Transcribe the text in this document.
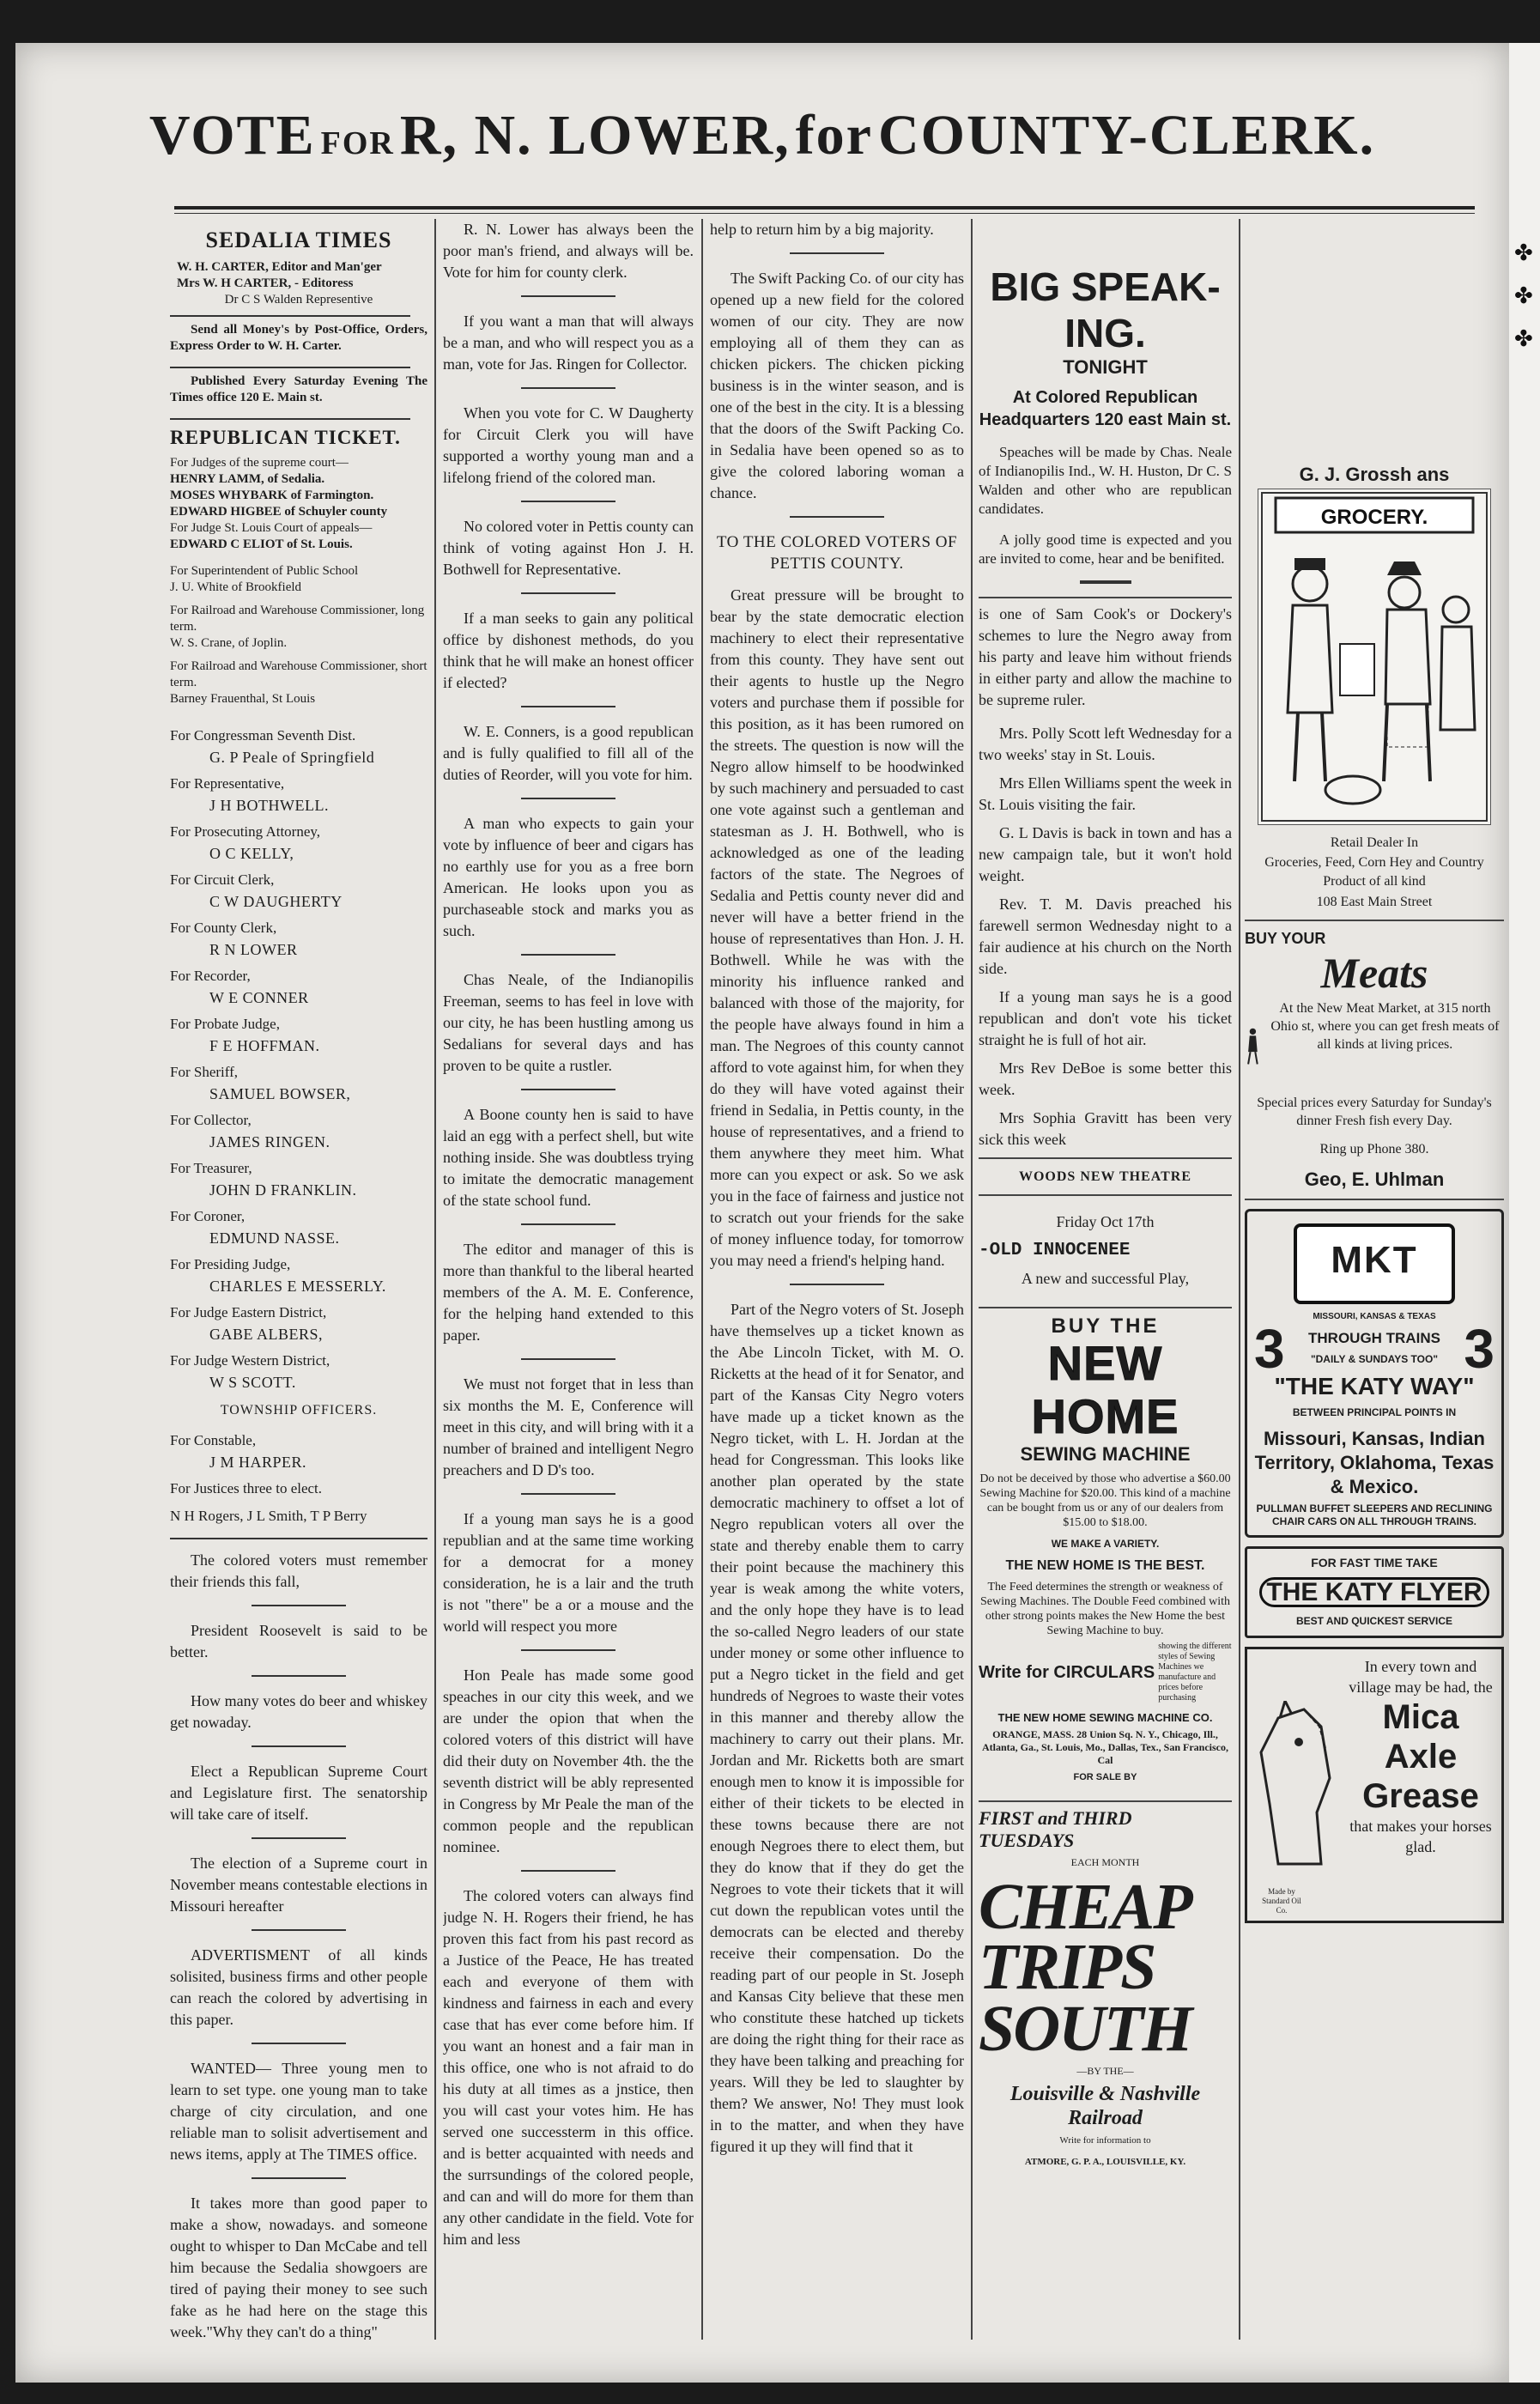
VOTE FOR R, N. LOWER, for COUNTY-CLERK.
SEDALIA TIMES
W. H. CARTER, Editor and Man'ger
Mrs W. H CARTER, - Editoress
Dr C S Walden Representive

Send all Money's by Post-Office, Orders, Express Order to W. H. Carter.

Published Every Saturday Evening The Times office 120 E. Main st.

REPUBLICAN TICKET.
For Judges of the supreme court—
HENRY LAMM, of Sedalia.
MOSES WHYBARK of Farmington.
EDWARD HIGBEE of Schuyler county
For Judge St. Louis Court of appeals—
EDWARD C ELIOT of St. Louis.
For Superintendent of Public School
J. U. White of Brookfield
For Railroad and Warehouse Commissioner, long term.
W. S. Crane, of Joplin.
For Railroad and Warehouse Commissioner, short term.
Barney Frauenthal, St Louis
For Congressman Seventh Dist.
G. P Peale of Springfield
For Representative,
J H BOTHWELL.
For Prosecuting Attorney,
O C KELLY,
For Circuit Clerk,
C W DAUGHERTY
For County Clerk,
R N LOWER
For Recorder,
W E CONNER
For Probate Judge,
F E HOFFMAN.
For Sheriff,
SAMUEL BOWSER,
For Collector,
JAMES RINGEN.
For Treasurer,
JOHN D FRANKLIN.
For Coroner,
EDMUND NASSE.
For Presiding Judge,
CHARLES E MESSERLY.
For Judge Eastern District,
GABE ALBERS,
For Judge Western District,
W S SCOTT.
TOWNSHIP OFFICERS.
For Constable,
J M HARPER.
For Justices three to elect.
N H Rogers, J L Smith, T P Berry

The colored voters must remember their friends this fall,

President Roosevelt is said to be better.

How many votes do beer and whiskey get nowaday.

Elect a Republican Supreme Court and Legislature first. The senatorship will take care of itself.

The election of a Supreme court in November means contestable elections in Missouri hereafter

ADVERTISMENT of all kinds solisited, business firms and other people can reach the colored by advertising in this paper.

WANTED— Three young men to learn to set type. one young man to take charge of city circulation, and one reliable man to solisit advertisement and news items, apply at The TIMES office.

It takes more than good paper to make a show, nowadays. and someone ought to whisper to Dan McCabe and tell him because the Sedalia showgoers are tired of paying their money to see such fake as he had here on the stage this week."Why they can't do a thing"

R. N. Lower has always been the poor man's friend, and always will be. Vote for him for county clerk.

If you want a man that will always be a man, and who will respect you as a man, vote for Jas. Ringen for Collector.

When you vote for C. W Daugherty for Circuit Clerk you will have supported a worthy young man and a lifelong friend of the colored man.

No colored voter in Pettis county can think of voting against Hon J. H. Bothwell for Representative.

If a man seeks to gain any political office by dishonest methods, do you think that he will make an honest officer if elected?

W. E. Conners, is a good republican and is fully qualified to fill all of the duties of Reorder, will you vote for him.

A man who expects to gain your vote by influence of beer and cigars has no earthly use for you as a free born American. He looks upon you as purchaseable stock and marks you as such.

Chas Neale, of the Indianopilis Freeman, seems to has feel in love with our city, he has been hustling among us Sedalians for several days and has proven to be quite a rustler.

A Boone county hen is said to have laid an egg with a perfect shell, but wite nothing inside. She was doubtless trying to imitate the democratic management of the state school fund.

The editor and manager of this is more than thankful to the liberal hearted members of the A. M. E. Conference, for the helping hand extended to this paper.

We must not forget that in less than six months the M. E, Conference will meet in this city, and will bring with it a number of brained and intelligent Negro preachers and D D's too.

If a young man says he is a good republian and at the same time working for a democrat for a money consideration, he is a lair and the truth is not "there" be a or a mouse and the world will respect you more

Hon Peale has made some good speaches in our city this week, and we are under the opion that when the colored voters of this district will have did their duty on November 4th. the the seventh district will be ably represented in Congress by Mr Peale the man of the common people and the republican nominee.

The colored voters can always find judge N. H. Rogers their friend, he has proven this fact from his past record as a Justice of the Peace, He has treated each and everyone of them with kindness and fairness in each and every case that has ever come before him. If you want an honest and a fair man in this office, one who is not afraid to do his duty at all times as a jnstice, then you will cast your votes him. He has served one successterm in this office. and is better acquainted with needs and the surrsundings of the colored people, and can and will do more for them than any other candidate in the field. Vote for him and less

help to return him by a big majority.

The Swift Packing Co. of our city has opened up a new field for the colored women of our city. They are now employing all of them they can as chicken pickers. The chicken picking business is in the winter season, and is one of the best in the city. It is a blessing that the doors of the Swift Packing Co. in Sedalia have been opened so as to give the colored laboring woman a chance.

TO THE COLORED VOTERS OF PETTIS COUNTY.

Great pressure will be brought to bear by the state democratic election machinery to elect their representative from this county. They have sent out their agents to hustle up the Negro voters and purchase them if possible for this position, as it has been rumored on the streets. The question is now will the Negro allow himself to be hoodwinked by such machinery and persuaded to cast one vote against such a gentleman and statesman as J. H. Bothwell, who is acknowledged as one of the leading factors of the state. The Negroes of Sedalia and Pettis county never did and never will have a better friend in the house of representatives than Hon. J. H. Bothwell. While he was with the minority his influence ranked and balanced with those of the majority, for the people have always found in him a man. The Negroes of this county cannot afford to vote against him, for when they do they will have voted against their friend in Sedalia, in Pettis county, in the house of representatives, and a friend to them anywhere they meet him. What more can you expect or ask. So we ask you in the face of fairness and justice not to scratch out your friends for the sake of money influence today, for tomorrow you may need a friend's helping hand.

Part of the Negro voters of St. Joseph have themselves up a ticket known as the Abe Lincoln Ticket, with M. O. Ricketts at the head of it for Senator, and part of the Kansas City Negro voters have made up a ticket known as the Negro ticket, with L. H. Jordan at the head for Congressman. This looks like another plan operated by the state democratic machinery to offset a lot of Negro republican voters all over the state and thereby enable them to carry their point because the machinery this year is weak among the white voters, and the only hope they have is to lead the so-called Negro leaders of our state under money or some other influence to put a Negro ticket in the field and get hundreds of Negroes to waste their votes in this manner and thereby allow the machinery to carry out their plans. Mr. Jordan and Mr. Ricketts both are smart enough men to know it is impossible for either of their tickets to be elected in these towns because there are not enough Negroes there to elect them, but they do know that if they do get the Negroes to vote their tickets that it will cut down the republican votes until the democrats can be elected and thereby receive their compensation. Do the reading part of our people in St. Joseph and Kansas City believe that these men who constitute these hatched up tickets are doing the right thing for their race as they have been talking and preaching for years. Will they be led to slaughter by them? We answer, No! They must look in to the matter, and when they have figured it up they will find that it

BIG SPEAK-
ING.
TONIGHT
At Colored Republican Headquarters 120 east Main st.

Speaches will be made by Chas. Neale of Indianopilis Ind., W. H. Huston, Dr C. S Walden and other who are republican candidates.

A jolly good time is expected and you are invited to come, hear and be benifited.

is one of Sam Cook's or Dockery's schemes to lure the Negro away from his party and leave him without friends in either party and allow the machine to be supreme ruler.

Mrs. Polly Scott left Wednesday for a two weeks' stay in St. Louis.

Mrs Ellen Williams spent the week in St. Louis visiting the fair.

G. L Davis is back in town and has a new campaign tale, but it won't hold weight.

Rev. T. M. Davis preached his farewell sermon Wednesday night to a fair audience at his church on the North side.

If a young man says he is a good republican and don't vote his ticket straight he is full of hot air.

Mrs Rev DeBoe is some better this week.

Mrs Sophia Gravitt has been very sick this week

WOODS NEW THEATRE
Friday Oct 17th
-OLD INNOCENEE
A new and successful Play,
BUY THE
NEW HOME
SEWING MACHINE
Do not be deceived by those who advertise a $60.00 Sewing Machine for $20.00. This kind of a machine can be bought from us or any of our dealers from $15.00 to $18.00.
WE MAKE A VARIETY.
THE NEW HOME IS THE BEST.
The Feed determines the strength or weakness of Sewing Machines. The Double Feed combined with other strong points makes the New Home the best Sewing Machine to buy.
Write for CIRCULARS
showing the different styles of Sewing Machines we manufacture and prices before purchasing
THE NEW HOME SEWING MACHINE CO.
ORANGE, MASS. 28 Union Sq. N. Y., Chicago, Ill., Atlanta, Ga., St. Louis, Mo., Dallas, Tex., San Francisco, Cal
FOR SALE BY
FIRST and THIRD TUESDAYS
EACH MONTH
CHEAP
TRIPS
SOUTH
—BY THE—
Louisville & Nashville Railroad
Write for information to
ATMORE, G. P. A., LOUISVILLE, KY.
G. J. Grossh ans
GROCERY.
Retail Dealer In
Groceries, Feed, Corn Hey and Country Product of all kind
108 East Main Street
BUY YOUR
Meats
At the New Meat Market, at 315 north Ohio st, where you can get fresh meats of all kinds at living prices.
Special prices every Saturday for Sunday's dinner Fresh fish every Day.
Ring up Phone 380.
Geo, E. Uhlman
MKT
MISSOURI, KANSAS & TEXAS
3 THROUGH TRAINS
"DAILY & SUNDAYS TOO" 3
"THE KATY WAY"
BETWEEN PRINCIPAL POINTS IN
Missouri, Kansas, Indian Territory, Oklahoma, Texas & Mexico.
PULLMAN BUFFET SLEEPERS AND RECLINING CHAIR CARS ON ALL THROUGH TRAINS.
FOR FAST TIME TAKE
THE KATY FLYER
BEST AND QUICKEST SERVICE
In every town and village may be had, the
Mica
Axle
Grease
that makes your horses glad.
Made by Standard Oil Co.
✤
✤
✤
